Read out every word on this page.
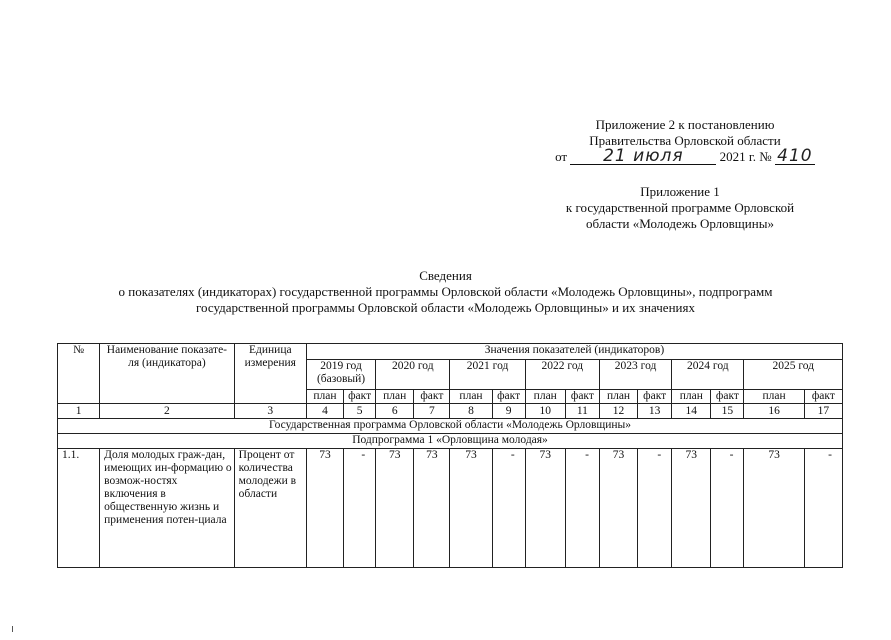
Приложение 2 к постановлению
Правительства Орловской области
от 21 июля	2021 г. № 410
Приложение 1
к государственной программе Орловской
области «Молодежь Орловщины»
Сведения
о показателях (индикаторах) государственной программы Орловской области «Молодежь Орловщины», подпрограмм
государственной программы Орловской области «Молодежь Орловщины» и их значениях
№	Наименование показате-ля (индикатора)	Единица измерения	Значения показателей (индикаторов)													
			2019 год (базовый)		2020 год		2021 год		2022 год		2023 год		2024 год		2025 год	
			план	факт	план	факт	план	факт	план	факт	план	факт	план	факт	план	факт
1	2	3	4	5	6	7	8	9	10	11	12	13	14	15	16	17
Государственная программа Орловской области «Молодежь Орловщины»																
Подпрограмма 1 «Орловщина молодая»																
1.1.	Доля молодых граж-дан, имеющих ин-формацию о возмож-ностях включения в общественную жизнь и применения потен-циала	Процент от количества молодежи в области	73	-	73	73	73	-	73	-	73	-	73	-	73	-
